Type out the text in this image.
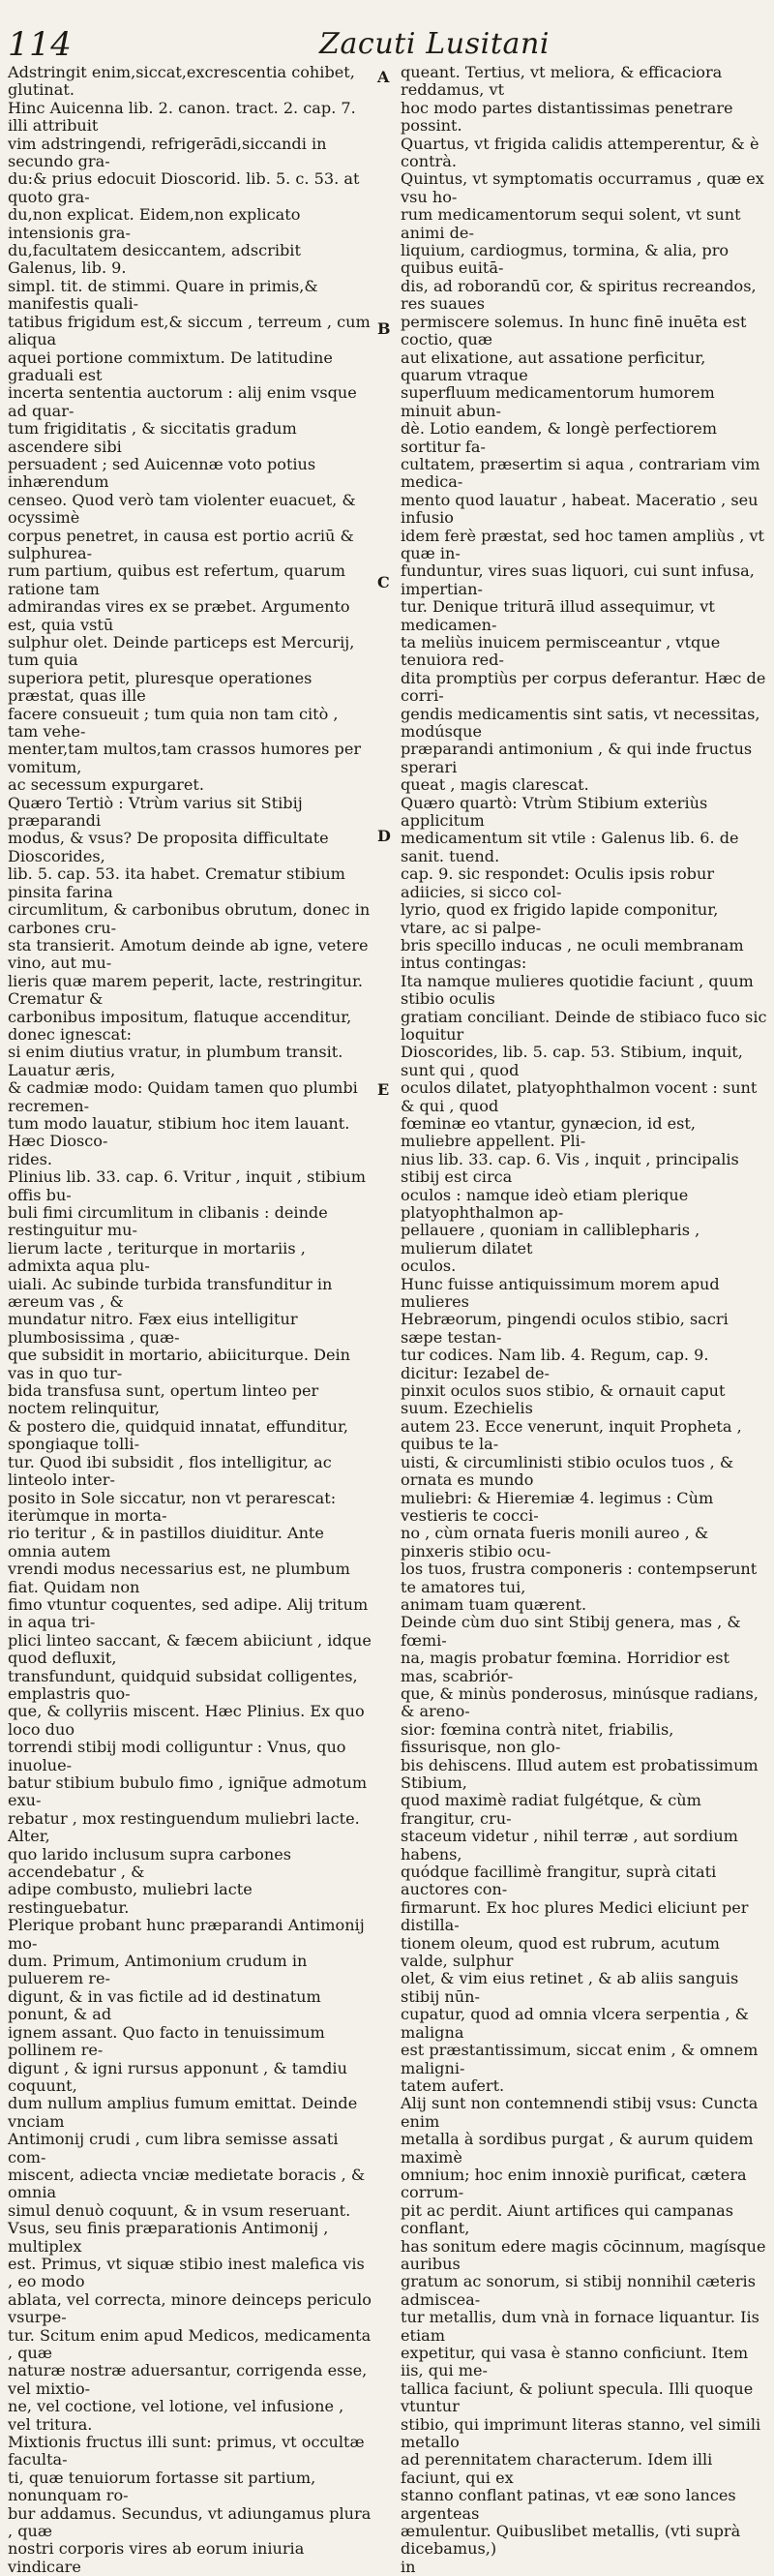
114	Zacuti Lusitani

Adstringit enim,siccat,excrescentia cohibet, glutinat.
Hinc Auicenna lib. 2. canon. tract. 2. cap. 7. illi attribuit
vim adstringendi, refrigerādi,siccandi in secundo gra-
du:& prius edocuit Dioscorid. lib. 5. c. 53. at quoto gra-
du,non explicat. Eidem,non explicato intensionis gra-
du,facultatem desiccantem, adscribit Galenus, lib. 9.
simpl. tit. de stimmi. Quare in primis,& manifestis quali-
tatibus frigidum est,& siccum , terreum , cum aliqua
aquei portione commixtum. De latitudine graduali est
incerta sententia auctorum : alij enim vsque ad quar-
tum frigiditatis , & siccitatis gradum ascendere sibi
persuadent ; sed Auicennæ voto potius inhærendum
censeo. Quod verò tam violenter euacuet, & ocyssimè
corpus penetret, in causa est portio acriū & sulphurea-
rum partium, quibus est refertum, quarum ratione tam
admirandas vires ex se præbet. Argumento est, quia vstū
sulphur olet. Deinde particeps est Mercurij, tum quia
superiora petit, pluresque operationes præstat, quas ille
facere consueuit ; tum quia non tam citò , tam vehe-
menter,tam multos,tam crassos humores per vomitum,
ac secessum expurgaret.

Quæro Tertiò : Vtrùm varius sit Stibij præparandi
modus, & vsus? De proposita difficultate Dioscorides,
lib. 5. cap. 53. ita habet. Crematur stibium pinsita farina
circumlitum, & carbonibus obrutum, donec in carbones cru-
sta transierit. Amotum deinde ab igne, vetere vino, aut mu-
lieris quæ marem peperit, lacte, restringitur. Crematur &
carbonibus impositum, flatuque accenditur, donec ignescat:
si enim diutius vratur, in plumbum transit. Lauatur æris,
& cadmiæ modo: Quidam tamen quo plumbi recremen-
tum modo lauatur, stibium hoc item lauant. Hæc Diosco-
rides.

Plinius lib. 33. cap. 6. Vritur , inquit , stibium offis bu-
buli fimi circumlitum in clibanis : deinde restinguitur mu-
lierum lacte , teriturque in mortariis , admixta aqua plu-
uiali. Ac subinde turbida transfunditur in æreum vas , &
mundatur nitro. Fæx eius intelligitur plumbosissima , quæ-
que subsidit in mortario, abiiciturque. Dein vas in quo tur-
bida transfusa sunt, opertum linteo per noctem relinquitur,
& postero die, quidquid innatat, effunditur, spongiaque tolli-
tur. Quod ibi subsidit , flos intelligitur, ac linteolo inter-
posito in Sole siccatur, non vt perarescat: iterùmque in morta-
rio teritur , & in pastillos diuiditur. Ante omnia autem
vrendi modus necessarius est, ne plumbum fiat. Quidam non
fimo vtuntur coquentes, sed adipe. Alij tritum in aqua tri-
plici linteo saccant, & fæcem abiiciunt , idque quod defluxit,
transfundunt, quidquid subsidat colligentes, emplastris quo-
que, & collyriis miscent. Hæc Plinius. Ex quo loco duo
torrendi stibij modi colliguntur : Vnus, quo inuolue-
batur stibium bubulo fimo , igniq̄ue admotum exu-
rebatur , mox restinguendum muliebri lacte. Alter,
quo larido inclusum supra carbones accendebatur , &
adipe combusto, muliebri lacte restinguebatur.

Plerique probant hunc præparandi Antimonij mo-
dum. Primum, Antimonium crudum in puluerem re-
digunt, & in vas fictile ad id destinatum ponunt, & ad
ignem assant. Quo facto in tenuissimum pollinem re-
digunt , & igni rursus apponunt , & tamdiu coquunt,
dum nullum amplius fumum emittat. Deinde vnciam
Antimonij crudi , cum libra semisse assati com-
miscent, adiecta vnciæ medietate boracis , & omnia
simul denuò coquunt, & in vsum reseruant.

Vsus, seu finis præparationis Antimonij , multiplex
est. Primus, vt siquæ stibio inest malefica vis , eo modo
ablata, vel correcta, minore deinceps periculo vsurpe-
tur. Scitum enim apud Medicos, medicamenta , quæ
naturæ nostræ aduersantur, corrigenda esse, vel mixtio-
ne, vel coctione, vel lotione, vel infusione , vel tritura.
Mixtionis fructus illi sunt: primus, vt occultæ faculta-
ti, quæ tenuiorum fortasse sit partium, nonunquam ro-
bur addamus. Secundus, vt adiungamus plura , quæ
nostri corporis vires ab eorum iniuria vindicare

A
B
C
D
E

queant. Tertius, vt meliora, & efficaciora reddamus, vt
hoc modo partes distantissimas penetrare possint.
Quartus, vt frigida calidis attemperentur, & è contrà.
Quintus, vt symptomatis occurramus , quæ ex vsu ho-
rum medicamentorum sequi solent, vt sunt animi de-
liquium, cardiogmus, tormina, & alia, pro quibus euitā-
dis, ad roborandū cor, & spiritus recreandos, res suaues
permiscere solemus. In hunc finē inuēta est coctio, quæ
aut elixatione, aut assatione perficitur, quarum vtraque
superfluum medicamentorum humorem minuit abun-
dè. Lotio eandem, & longè perfectiorem sortitur fa-
cultatem, præsertim si aqua , contrariam vim medica-
mento quod lauatur , habeat. Maceratio , seu infusio
idem ferè præstat, sed hoc tamen ampliùs , vt quæ in-
funduntur, vires suas liquori, cui sunt infusa, impertian-
tur. Denique triturā illud assequimur, vt medicamen-
ta meliùs inuicem permisceantur , vtque tenuiora red-
dita promptiùs per corpus deferantur. Hæc de corri-
gendis medicamentis sint satis, vt necessitas, modúsque
præparandi antimonium , & qui inde fructus sperari
queat , magis clarescat.

Quæro quartò: Vtrùm Stibium exteriùs applicitum
medicamentum sit vtile : Galenus lib. 6. de sanit. tuend.
cap. 9. sic respondet: Oculis ipsis robur adiicies, si sicco col-
lyrio, quod ex frigido lapide componitur, vtare, ac si palpe-
bris specillo inducas , ne oculi membranam intus contingas:
Ita namque mulieres quotidie faciunt , quum stibio oculis
gratiam conciliant. Deinde de stibiaco fuco sic loquitur
Dioscorides, lib. 5. cap. 53. Stibium, inquit, sunt qui , quod
oculos dilatet, platyophthalmon vocent : sunt & qui , quod
fœminæ eo vtantur, gynæcion, id est, muliebre appellent. Pli-
nius lib. 33. cap. 6. Vis , inquit , principalis stibij est circa
oculos : namque ideò etiam plerique platyophthalmon ap-
pellauere , quoniam in calliblepharis , mulierum dilatet
oculos.

Hunc fuisse antiquissimum morem apud mulieres
Hebræorum, pingendi oculos stibio, sacri sæpe testan-
tur codices. Nam lib. 4. Regum, cap. 9. dicitur: Iezabel de-
pinxit oculos suos stibio, & ornauit caput suum. Ezechielis
autem 23. Ecce venerunt, inquit Propheta , quibus te la-
uisti, & circumlinisti stibio oculos tuos , & ornata es mundo
muliebri: & Hieremiæ 4. legimus : Cùm vestieris te cocci-
no , cùm ornata fueris monili aureo , & pinxeris stibio ocu-
los tuos, frustra componeris : contempserunt te amatores tui,
animam tuam quærent.

Deinde cùm duo sint Stibij genera, mas , & fœmi-
na, magis probatur fœmina. Horridior est mas, scabriór-
que, & minùs ponderosus, minúsque radians, & areno-
sior: fœmina contrà nitet, friabilis, fissurisque, non glo-
bis dehiscens. Illud autem est probatissimum Stibium,
quod maximè radiat fulgétque, & cùm frangitur, cru-
staceum videtur , nihil terræ , aut sordium habens,
quódque facillimè frangitur, suprà citati auctores con-
firmarunt. Ex hoc plures Medici eliciunt per distilla-
tionem oleum, quod est rubrum, acutum valde, sulphur
olet, & vim eius retinet , & ab aliis sanguis stibij nūn-
cupatur, quod ad omnia vlcera serpentia , & maligna
est præstantissimum, siccat enim , & omnem maligni-
tatem aufert.

Alij sunt non contemnendi stibij vsus: Cuncta enim
metalla à sordibus purgat , & aurum quidem maximè
omnium; hoc enim innoxiè purificat, cætera corrum-
pit ac perdit. Aiunt artifices qui campanas conflant,
has sonitum edere magis cōcinnum, magísque auribus
gratum ac sonorum, si stibij nonnihil cæteris admiscea-
tur metallis, dum vnà in fornace liquantur. Iis etiam
expetitur, qui vasa è stanno conficiunt. Item iis, qui me-
tallica faciunt, & poliunt specula. Illi quoque vtuntur
stibio, qui imprimunt literas stanno, vel simili metallo
ad perennitatem characterum. Idem illi faciunt, qui ex
stanno conflant patinas, vt eæ sono lances argenteas
æmulentur. Quibuslibet metallis, (vti suprà dicebamus,)
in
